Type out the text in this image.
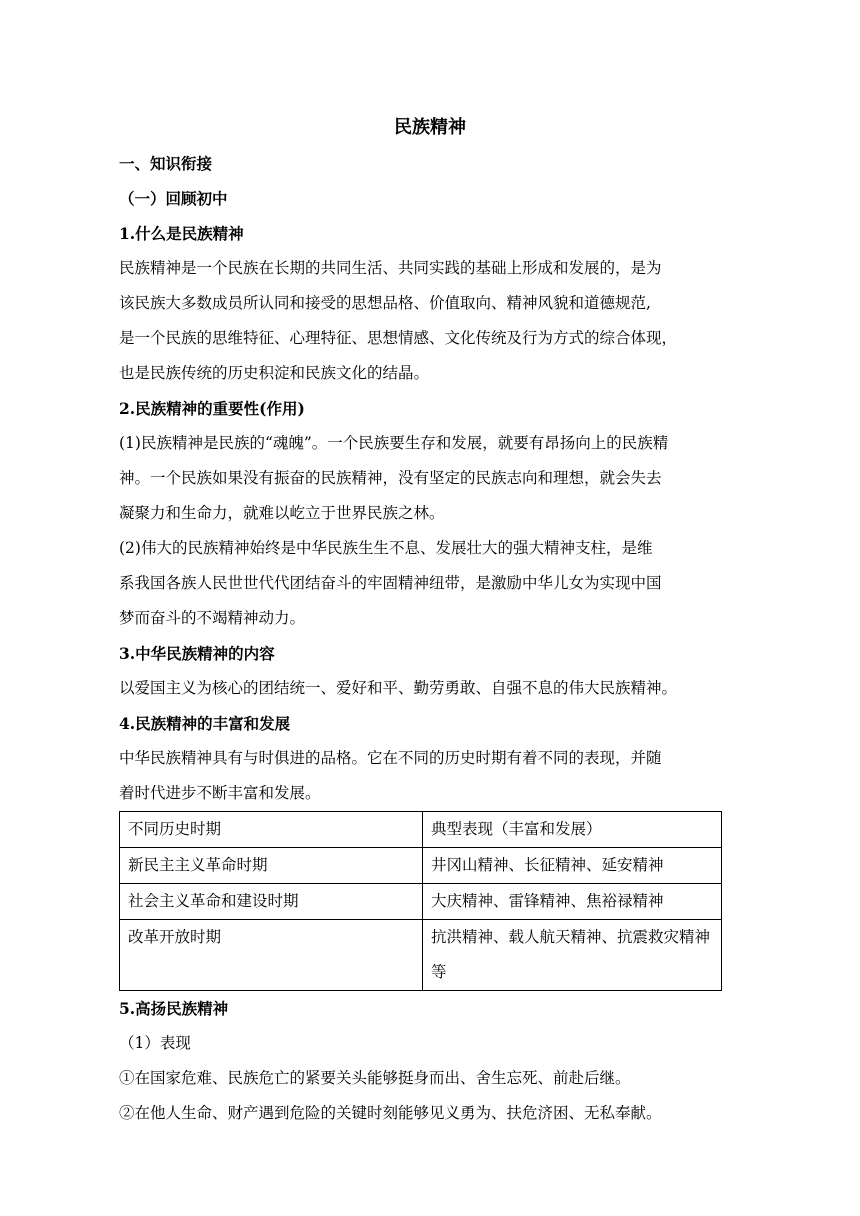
民族精神
一、知识衔接
（一）回顾初中
1.什么是民族精神
民族精神是一个民族在长期的共同生活、共同实践的基础上形成和发展的，是为
该民族大多数成员所认同和接受的思想品格、价值取向、精神风貌和道德规范,
是一个民族的思维特征、心理特征、思想情感、文化传统及行为方式的综合体现，
也是民族传统的历史积淀和民族文化的结晶。
2.民族精神的重要性(作用)
(1)民族精神是民族的“魂魄”。一个民族要生存和发展，就要有昂扬向上的民族精
神。一个民族如果没有振奋的民族精神，没有坚定的民族志向和理想，就会失去
凝聚力和生命力，就难以屹立于世界民族之林。
(2)伟大的民族精神始终是中华民族生生不息、发展壮大的强大精神支柱，是维
系我国各族人民世世代代团结奋斗的牢固精神纽带，是激励中华儿女为实现中国
梦而奋斗的不竭精神动力。
3.中华民族精神的内容
以爱国主义为核心的团结统一、爱好和平、勤劳勇敢、自强不息的伟大民族精神。
4.民族精神的丰富和发展
中华民族精神具有与时俱进的品格。它在不同的历史时期有着不同的表现，并随
着时代进步不断丰富和发展。
不同历史时期	典型表现（丰富和发展）
新民主主义革命时期	井冈山精神、长征精神、延安精神
社会主义革命和建设时期	大庆精神、雷锋精神、焦裕禄精神
改革开放时期	抗洪精神、载人航天精神、抗震救灾精神等
5.高扬民族精神
（1）表现
①在国家危难、民族危亡的紧要关头能够挺身而出、舍生忘死、前赴后继。
②在他人生命、财产遇到危险的关键时刻能够见义勇为、扶危济困、无私奉献。
